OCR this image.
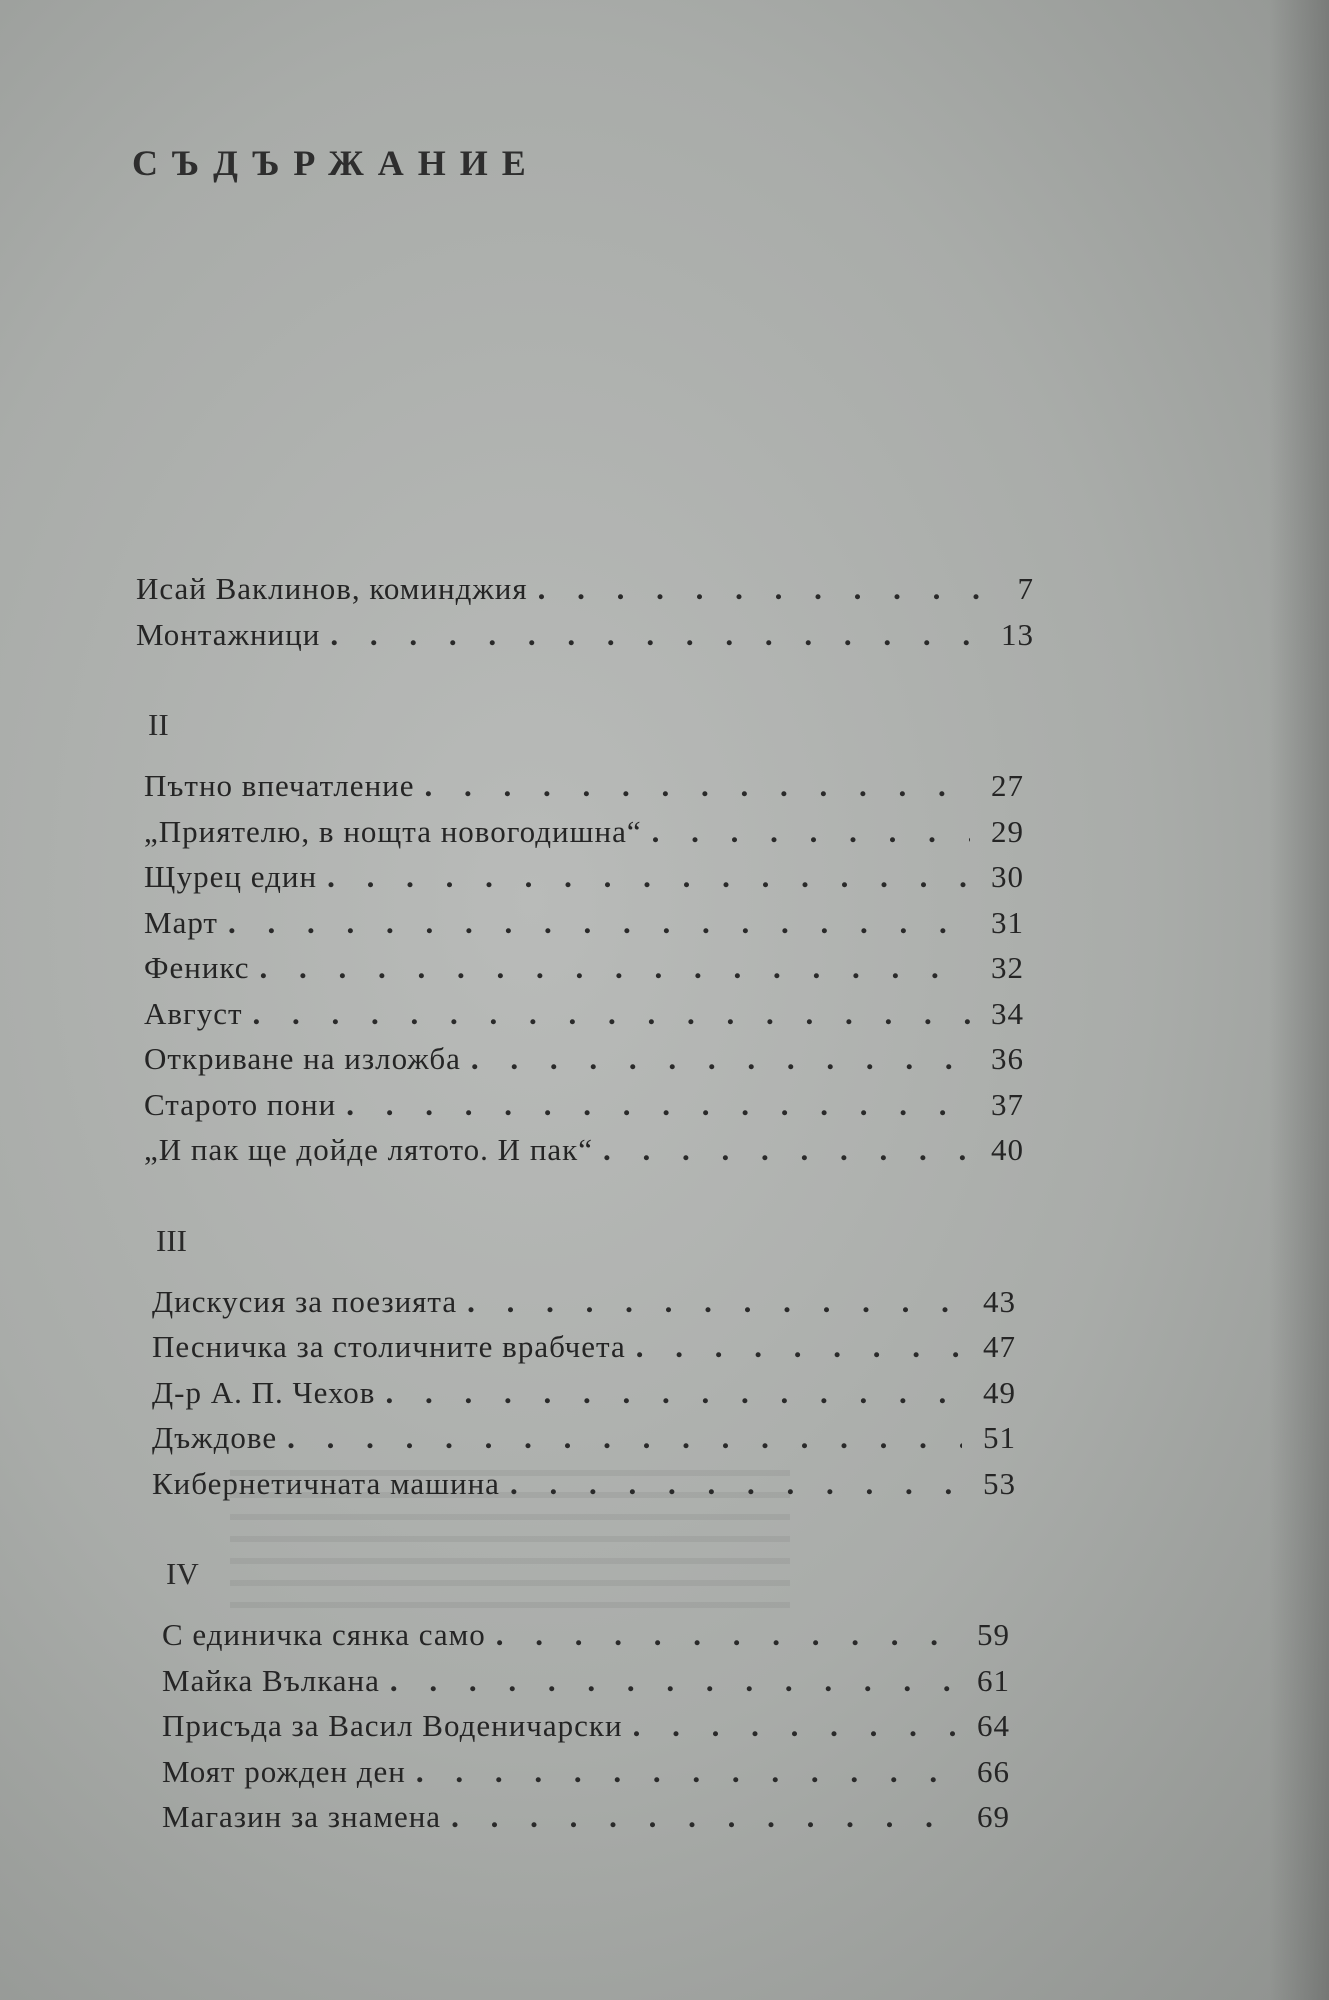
СЪДЪРЖАНИЕ
Исай Ваклинов, коминджия . . .	7
Монтажници . . .	13
II
Пътно впечатление . . .	27
„Приятелю, в нощта новогодишна“ . . .	29
Щурец един . . .	30
Март . . .	31
Феникс . . .	32
Август . . .	34
Откриване на изложба . . .	36
Старото пони . . .	37
„И пак ще дойде лятото. И пак“ . . .	40
III
Дискусия за поезията . . .	43
Песничка за столичните врабчета . . .	47
Д-р А. П. Чехов . . .	49
Дъждове . . .	51
Кибернетичната машина . . .	53
IV
С единичка сянка само . . .	59
Майка Вълкана . . .	61
Присъда за Васил Воденичарски . . .	64
Моят рожден ден . . .	66
Магазин за знамена . . .	69
